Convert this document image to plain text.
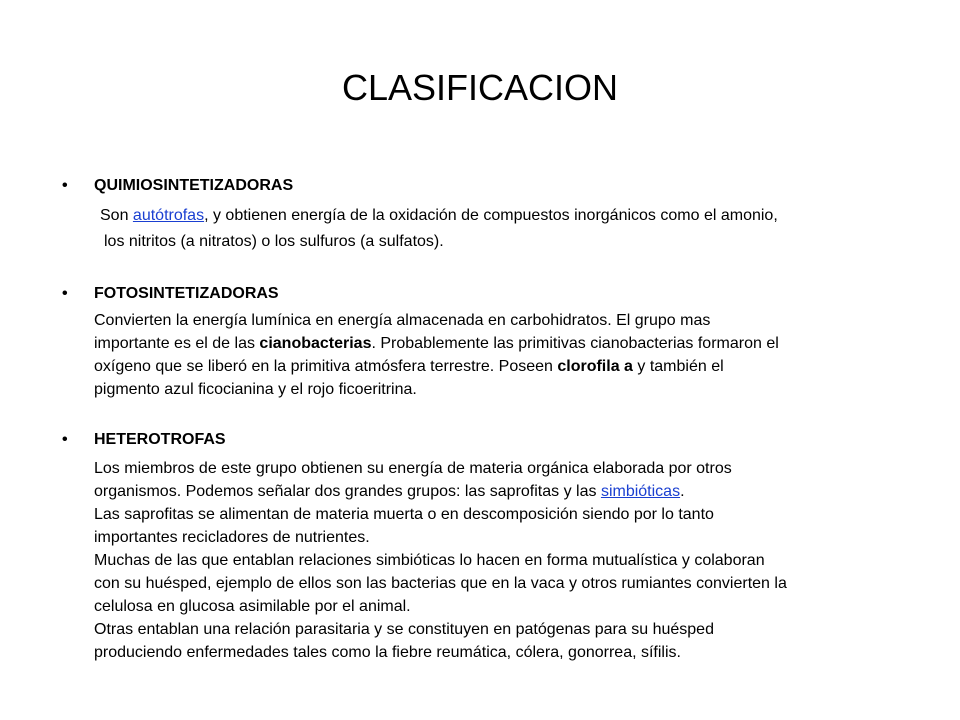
CLASIFICACION
• QUIMIOSINTETIZADORAS
Son autótrofas, y obtienen energía de la oxidación de compuestos inorgánicos como el amonio,
los nitritos (a nitratos) o los sulfuros (a sulfatos).
• FOTOSINTETIZADORAS
Convierten la energía lumínica en energía almacenada en carbohidratos. El grupo mas
importante es el de las cianobacterias. Probablemente las primitivas cianobacterias formaron el
oxígeno que se liberó en la primitiva atmósfera terrestre. Poseen clorofila a y también el
pigmento azul ficocianina y el rojo ficoeritrina.
• HETEROTROFAS
Los miembros de este grupo obtienen su energía de materia orgánica elaborada por otros
organismos. Podemos señalar dos grandes grupos: las saprofitas y las simbióticas.
Las saprofitas se alimentan de materia muerta o en descomposición siendo por lo tanto
importantes recicladores de nutrientes.
Muchas de las que entablan relaciones simbióticas lo hacen en forma mutualística y colaboran
con su huésped, ejemplo de ellos son las bacterias que en la vaca y otros rumiantes convierten la
celulosa en glucosa asimilable por el animal.
Otras entablan una relación parasitaria y se constituyen en patógenas para su huésped
produciendo enfermedades tales como la fiebre reumática, cólera, gonorrea, sífilis.
